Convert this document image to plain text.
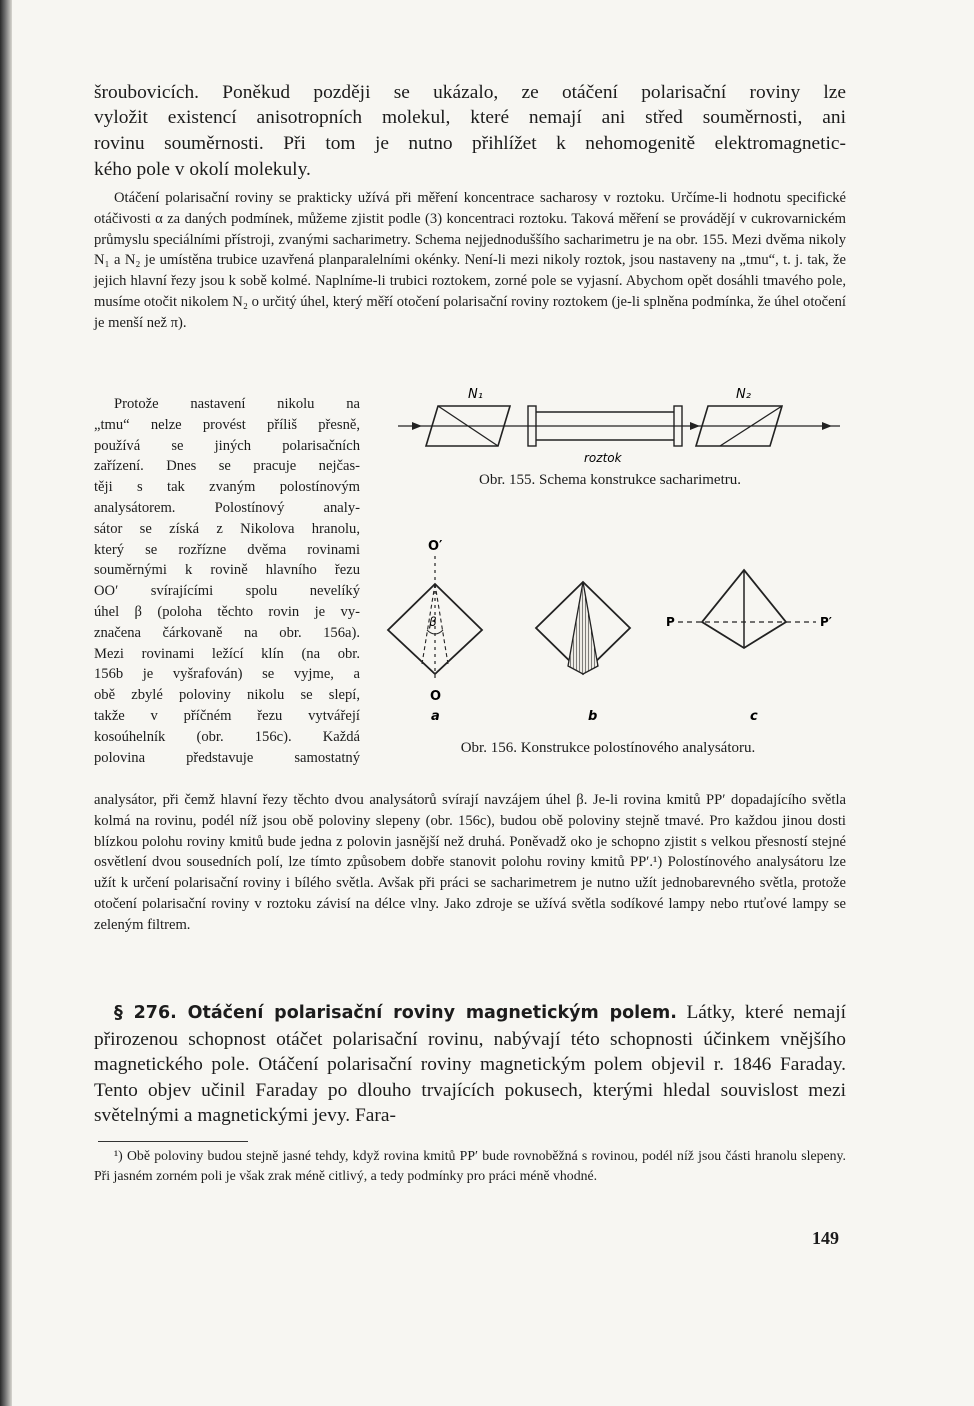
šroubovicích. Poněkud později se ukázalo, ze otáčení polarisační roviny lze

vyložit existencí anisotropních molekul, které nemají ani střed souměrnosti, ani

rovinu souměrnosti. Při tom je nutno přihlížet k nehomogenitě elektromagnetic-

kého pole v okolí molekuly.

Otáčení polarisační roviny se prakticky užívá při měření koncentrace sacharosy v roztoku. Určíme-li hodnotu specifické otáčivosti α za daných podmínek, můžeme zjistit podle (3) koncentraci roztoku. Taková měření se provádějí v cukrovarnickém průmyslu speciálními přístroji, zvanými sacharimetry. Schema nejjednoduššího sacharimetru je na obr. 155. Mezi dvěma nikoly N₁ a N₂ je umístěna trubice uzavřená planparalelními okénky. Není-li mezi nikoly roztok, jsou nastaveny na „tmu“, t. j. tak, že jejich hlavní řezy jsou k sobě kolmé. Naplníme-li trubici roztokem, zorné pole se vyjasní. Abychom opět dosáhli tmavého pole, musíme otočit nikolem N₂ o určitý úhel, který měří otočení polarisační roviny roztokem (je-li splněna podmínka, že úhel otočení je menší než π).

Protože nastavení nikolu na

„tmu“ nelze provést příliš přesně,

používá se jiných polarisačních

zařízení. Dnes se pracuje nejčas-

těji s tak zvaným polostínovým

analysátorem. Polostínový analy-

sátor se získá z Nikolova hranolu,

který se rozřízne dvěma rovinami

souměrnými k rovině hlavního řezu

OO′ svírajícími spolu nevelíký

úhel β (poloha těchto rovin je vy-

značena čárkovaně na obr. 156a).

Mezi rovinami ležící klín (na obr.

156b je vyšrafován) se vyjme, a

obě zbylé poloviny nikolu se slepí,

takže v příčném řezu vytvářejí

kosoúhelník (obr. 156c). Každá

polovina představuje samostatný

N₁
roztok
N₂

Obr. 155. Schema konstrukce sacharimetru.

O′
β
O
a	b
P	P′
c

Obr. 156. Konstrukce polostínového analysátoru.

analysátor, při čemž hlavní řezy těchto dvou analysátorů svírají navzájem úhel β. Je-li rovina kmitů PP′ dopadajícího světla kolmá na rovinu, podél níž jsou obě poloviny slepeny (obr. 156c), budou obě poloviny stejně tmavé. Pro každou jinou dosti blízkou polohu roviny kmitů bude jedna z polovin jasnější než druhá. Poněvadž oko je schopno zjistit s velkou přesností stejné osvětlení dvou sousedních polí, lze tímto způsobem dobře stanovit polohu roviny kmitů PP′.¹) Polostínového analysátoru lze užít k určení polarisační roviny i bílého světla. Avšak při práci se sacharimetrem je nutno užít jednobarevného světla, protože otočení polarisační roviny v roztoku závisí na délce vlny. Jako zdroje se užívá světla sodíkové lampy nebo rtuťové lampy se zeleným filtrem.

§ 276. Otáčení polarisační roviny magnetickým polem. Látky, které nemají přirozenou schopnost otáčet polarisační rovinu, nabývají této schopnosti účinkem vnějšího magnetického pole. Otáčení polarisační roviny magnetickým polem objevil r. 1846 Faraday. Tento objev učinil Faraday po dlouho trvajících pokusech, kterými hledal souvislost mezi světelnými a magnetickými jevy. Fara-

¹) Obě poloviny budou stejně jasné tehdy, když rovina kmitů PP′ bude rovnoběžná s rovinou, podél níž jsou části hranolu slepeny. Při jasném zorném poli je však zrak méně citlivý, a tedy podmínky pro práci méně vhodné.

149
